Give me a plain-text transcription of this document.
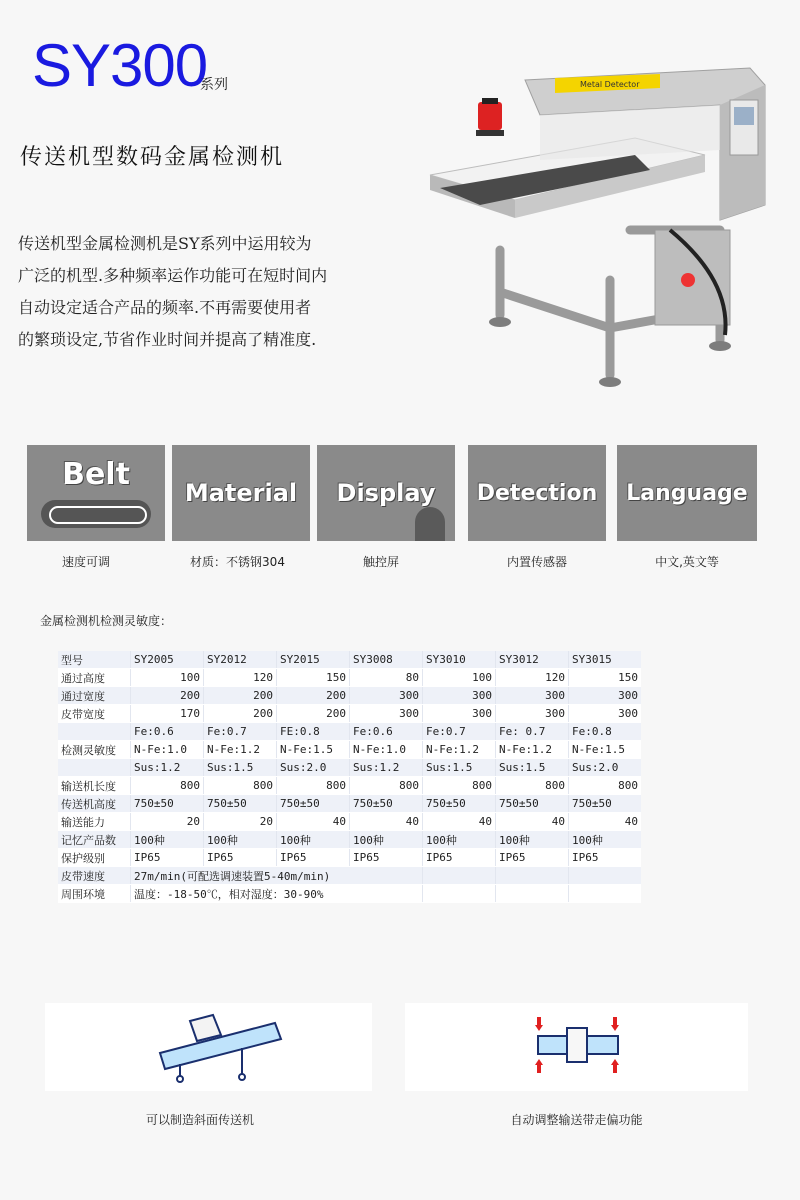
SY300
系列
传送机型数码金属检测机
传送机型金属检测机是SY系列中运用较为
广泛的机型.多种频率运作功能可在短时间内
自动设定适合产品的频率.不再需要使用者
的繁琐设定,节省作业时间并提高了精准度.
Metal Detector
Belt
Material	Display	Detection	Language
速度可调	材质：不锈钢304	触控屏	内置传感器	中文,英文等
金属检测机检测灵敏度：
型号	SY2005	SY2012	SY2015	SY3008	SY3010	SY3012	SY3015
通过高度	100	120	150	80	100	120	150
通过宽度	200	200	200	300	300	300	300
皮带宽度	170	200	200	300	300	300	300
	Fe:0.6	Fe:0.7	FE:0.8	Fe:0.6	Fe:0.7	Fe: 0.7	Fe:0.8
检测灵敏度	N-Fe:1.0	N-Fe:1.2	N-Fe:1.5	N-Fe:1.0	N-Fe:1.2	N-Fe:1.2	N-Fe:1.5
	Sus:1.2	Sus:1.5	Sus:2.0	Sus:1.2	Sus:1.5	Sus:1.5	Sus:2.0
输送机长度	800	800	800	800	800	800	800
传送机高度	750±50	750±50	750±50	750±50	750±50	750±50	750±50
输送能力	20	20	40	40	40	40	40
记忆产品数	100种	100种	100种	100种	100种	100种	100种
保护级别	IP65	IP65	IP65	IP65	IP65	IP65	IP65
皮带速度	27m/min(可配选调速装置5-40m/min)						
周围环境	温度：-18-50℃，相对湿度：30-90%						
可以制造斜面传送机	自动调整输送带走偏功能
